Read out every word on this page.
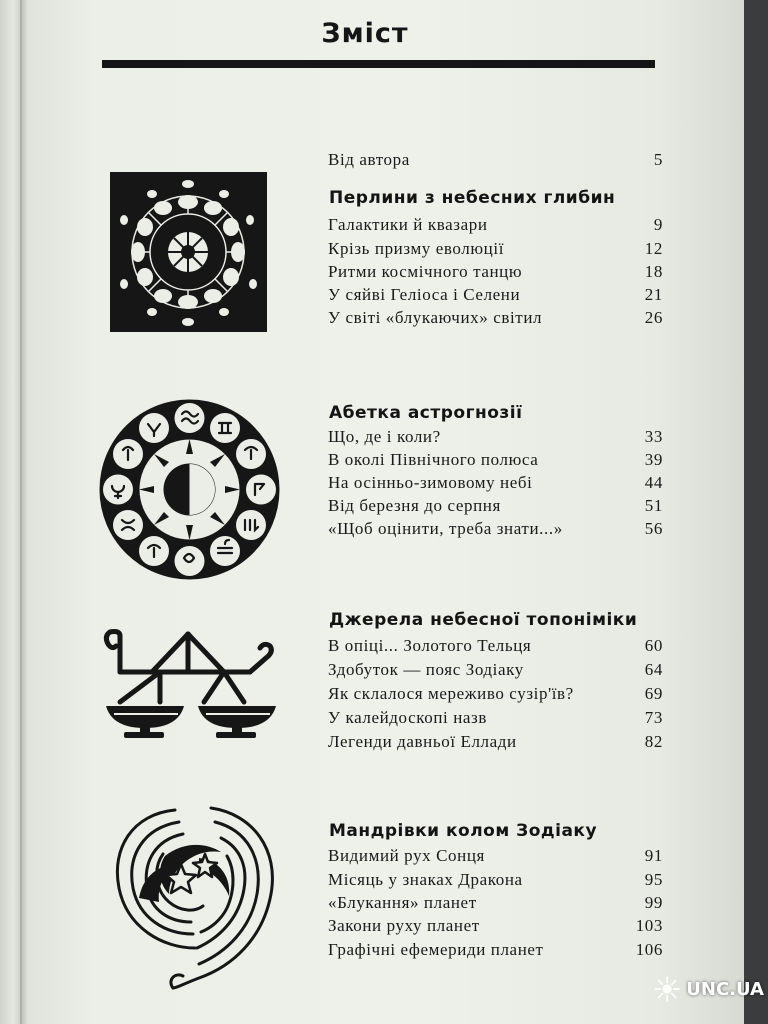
Зміст
Від автора	5
Перлини з небесних глибин
Галактики й квазари	9
Крізь призму еволюції	12
Ритми космічного танцю	18
У сяйві Геліоса і Селени	21
У світі «блукаючих» світил	26
Абетка астрогнозії
Що, де і коли?	33
В околі Північного полюса	39
На осінньо-зимовому небі	44
Від березня до серпня	51
«Щоб оцінити, треба знати...»	56
Джерела небесної топоніміки
В опіці... Золотого Тельця	60
Здобуток — пояс Зодіаку	64
Як склалося мереживо сузір'їв?	69
У калейдоскопі назв	73
Легенди давньої Еллади	82
Мандрівки колом Зодіаку
Видимий рух Сонця	91
Місяць у знаках Дракона	95
«Блукання» планет	99
Закони руху планет	103
Графічні ефемериди планет	106
UNC.UA
